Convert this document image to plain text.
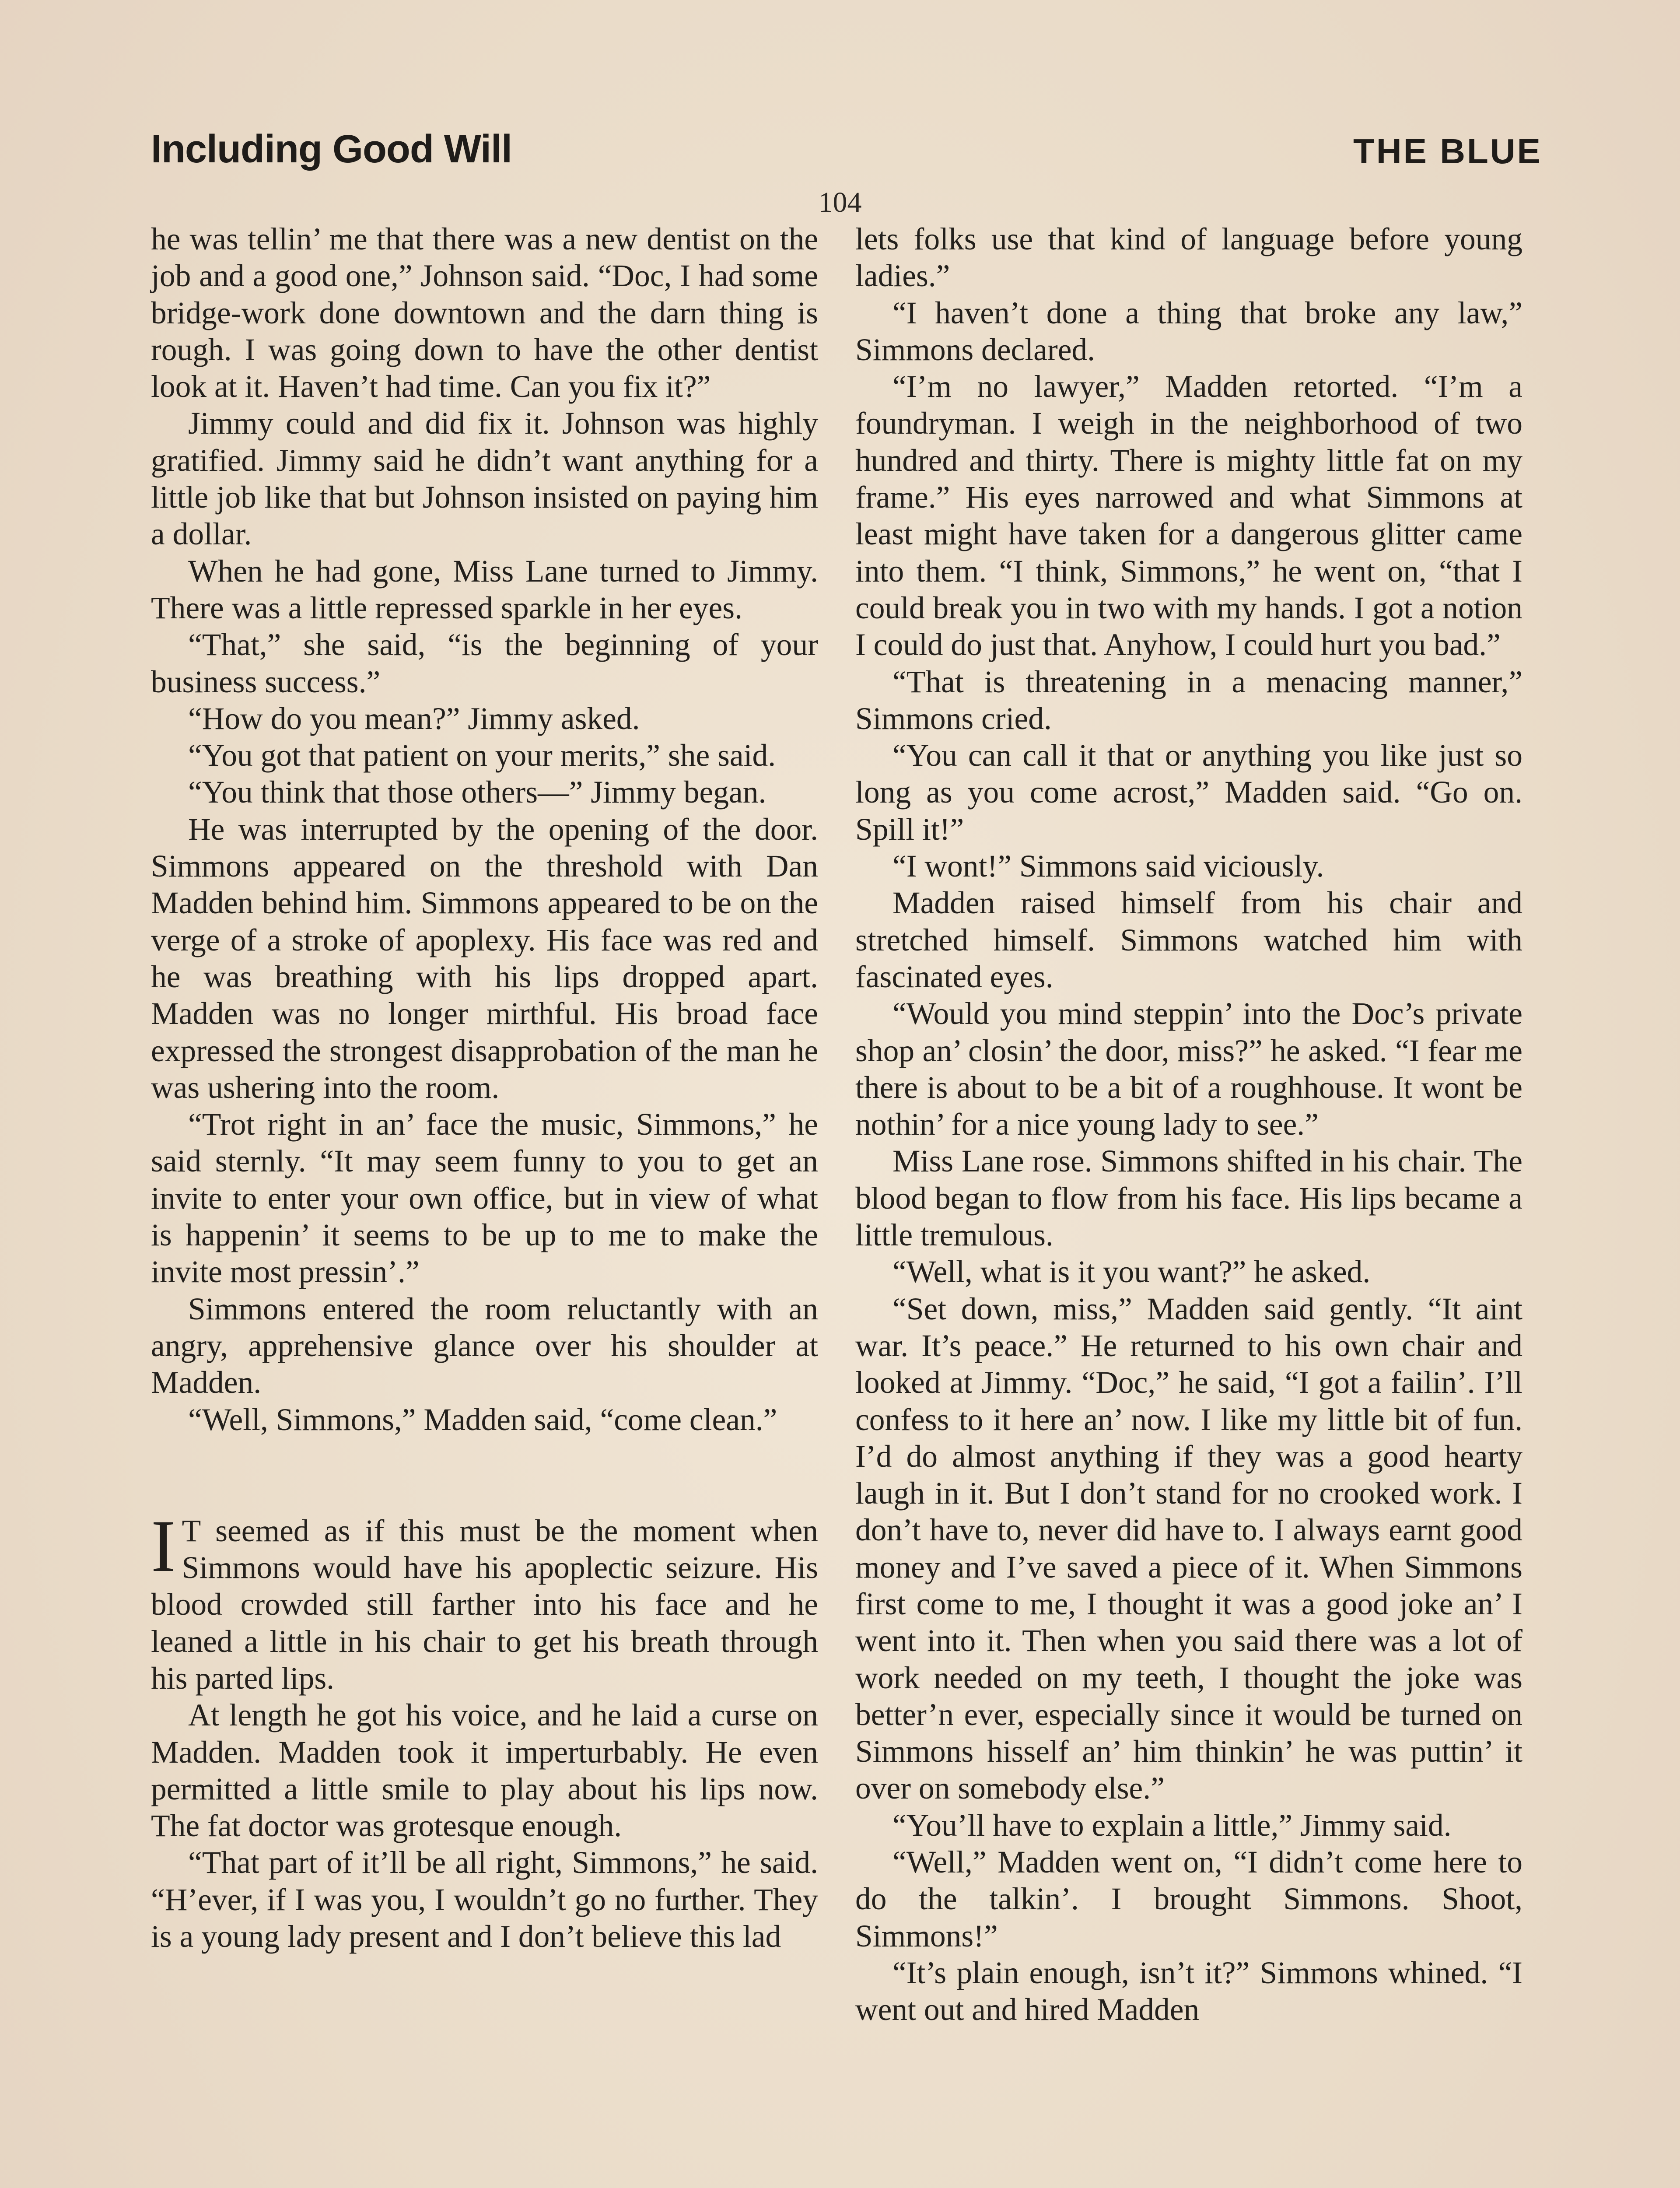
Including Good Will	THE BLUE
104

he was tellin’ me that there was a new dentist on the job and a good one,” Johnson said. “Doc, I had some bridge-work done downtown and the darn thing is rough. I was going down to have the other dentist look at it. Haven’t had time. Can you fix it?”

Jimmy could and did fix it. Johnson was highly gratified. Jimmy said he didn’t want anything for a little job like that but Johnson insisted on paying him a dollar.

When he had gone, Miss Lane turned to Jimmy. There was a little repressed sparkle in her eyes.

“That,” she said, “is the beginning of your business success.”

“How do you mean?” Jimmy asked.

“You got that patient on your merits,” she said.

“You think that those others—” Jimmy began.

He was interrupted by the opening of the door. Simmons appeared on the threshold with Dan Madden behind him. Simmons appeared to be on the verge of a stroke of apoplexy. His face was red and he was breathing with his lips dropped apart. Madden was no longer mirthful. His broad face expressed the strongest disapprobation of the man he was ushering into the room.

“Trot right in an’ face the music, Simmons,” he said sternly. “It may seem funny to you to get an invite to enter your own office, but in view of what is happenin’ it seems to be up to me to make the invite most pressin’.”

Simmons entered the room reluctantly with an angry, apprehensive glance over his shoulder at Madden.

“Well, Simmons,” Madden said, “come clean.”

I T seemed as if this must be the moment when Simmons would have his apoplectic seizure. His blood crowded still farther into his face and he leaned a little in his chair to get his breath through his parted lips.

At length he got his voice, and he laid a curse on Madden. Madden took it imperturbably. He even permitted a little smile to play about his lips now. The fat doctor was grotesque enough.

“That part of it’ll be all right, Simmons,” he said. “H’ever, if I was you, I wouldn’t go no further. They is a young lady present and I don’t believe this lad

lets folks use that kind of language before young ladies.”

“I haven’t done a thing that broke any law,” Simmons declared.

“I’m no lawyer,” Madden retorted. “I’m a foundryman. I weigh in the neighborhood of two hundred and thirty. There is mighty little fat on my frame.” His eyes narrowed and what Simmons at least might have taken for a dangerous glitter came into them. “I think, Simmons,” he went on, “that I could break you in two with my hands. I got a notion I could do just that. Anyhow, I could hurt you bad.”

“That is threatening in a menacing manner,” Simmons cried.

“You can call it that or anything you like just so long as you come acrost,” Madden said. “Go on. Spill it!”

“I wont!” Simmons said viciously.

Madden raised himself from his chair and stretched himself. Simmons watched him with fascinated eyes.

“Would you mind steppin’ into the Doc’s private shop an’ closin’ the door, miss?” he asked. “I fear me there is about to be a bit of a roughhouse. It wont be nothin’ for a nice young lady to see.”

Miss Lane rose. Simmons shifted in his chair. The blood began to flow from his face. His lips became a little tremulous.

“Well, what is it you want?” he asked.

“Set down, miss,” Madden said gently. “It aint war. It’s peace.” He returned to his own chair and looked at Jimmy. “Doc,” he said, “I got a failin’. I’ll confess to it here an’ now. I like my little bit of fun. I’d do almost anything if they was a good hearty laugh in it. But I don’t stand for no crooked work. I don’t have to, never did have to. I always earnt good money and I’ve saved a piece of it. When Simmons first come to me, I thought it was a good joke an’ I went into it. Then when you said there was a lot of work needed on my teeth, I thought the joke was better’n ever, especially since it would be turned on Simmons hisself an’ him thinkin’ he was puttin’ it over on somebody else.”

“You’ll have to explain a little,” Jimmy said.

“Well,” Madden went on, “I didn’t come here to do the talkin’. I brought Simmons. Shoot, Simmons!”

“It’s plain enough, isn’t it?” Simmons whined. “I went out and hired Madden
